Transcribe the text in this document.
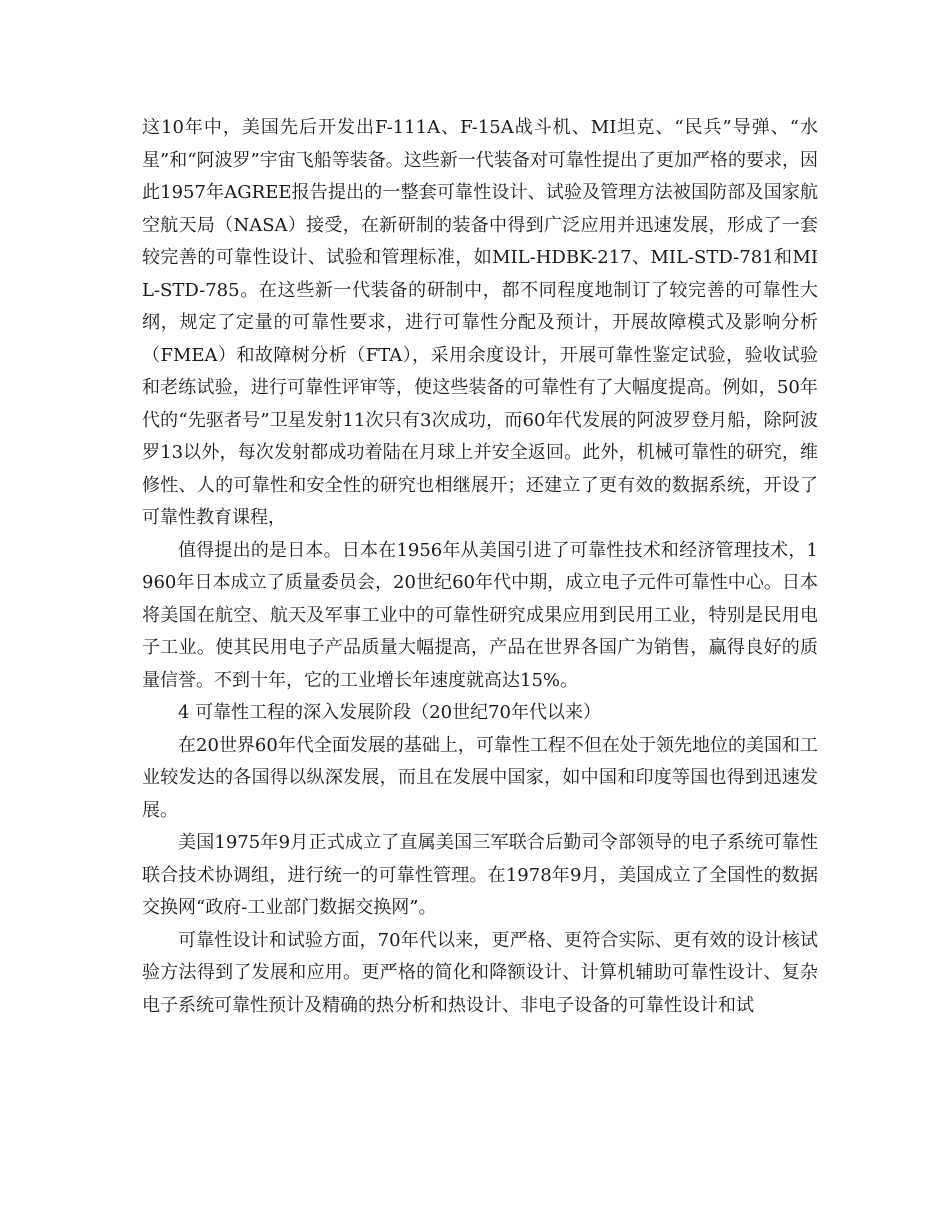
这10年中，美国先后开发出F-111A、F-15A战斗机、MI坦克、“民兵”导弹、“水星”和“阿波罗”宇宙飞船等装备。这些新一代装备对可靠性提出了更加严格的要求，因此1957年AGREE报告提出的一整套可靠性设计、试验及管理方法被国防部及国家航空航天局（NASA）接受，在新研制的装备中得到广泛应用并迅速发展，形成了一套较完善的可靠性设计、试验和管理标准，如MIL-HDBK-217、MIL-STD-781和MIL-STD-785。在这些新一代装备的研制中，都不同程度地制订了较完善的可靠性大纲，规定了定量的可靠性要求，进行可靠性分配及预计，开展故障模式及影响分析（FMEA）和故障树分析（FTA），采用余度设计，开展可靠性鉴定试验，验收试验和老练试验，进行可靠性评审等，使这些装备的可靠性有了大幅度提高。例如，50年代的“先驱者号”卫星发射11次只有3次成功，而60年代发展的阿波罗登月船，除阿波罗13以外，每次发射都成功着陆在月球上并安全返回。此外，机械可靠性的研究，维修性、人的可靠性和安全性的研究也相继展开；还建立了更有效的数据系统，开设了可靠性教育课程，

值得提出的是日本。日本在1956年从美国引进了可靠性技术和经济管理技术，1960年日本成立了质量委员会，20世纪60年代中期，成立电子元件可靠性中心。日本将美国在航空、航天及军事工业中的可靠性研究成果应用到民用工业，特别是民用电子工业。使其民用电子产品质量大幅提高，产品在世界各国广为销售，赢得良好的质量信誉。不到十年，它的工业增长年速度就高达15%。

4 可靠性工程的深入发展阶段（20世纪70年代以来）

在20世界60年代全面发展的基础上，可靠性工程不但在处于领先地位的美国和工业较发达的各国得以纵深发展，而且在发展中国家，如中国和印度等国也得到迅速发展。

美国1975年9月正式成立了直属美国三军联合后勤司令部领导的电子系统可靠性联合技术协调组，进行统一的可靠性管理。在1978年9月，美国成立了全国性的数据交换网“政府-工业部门数据交换网”。

可靠性设计和试验方面，70年代以来，更严格、更符合实际、更有效的设计核试验方法得到了发展和应用。更严格的简化和降额设计、计算机辅助可靠性设计、复杂电子系统可靠性预计及精确的热分析和热设计、非电子设备的可靠性设计和试
